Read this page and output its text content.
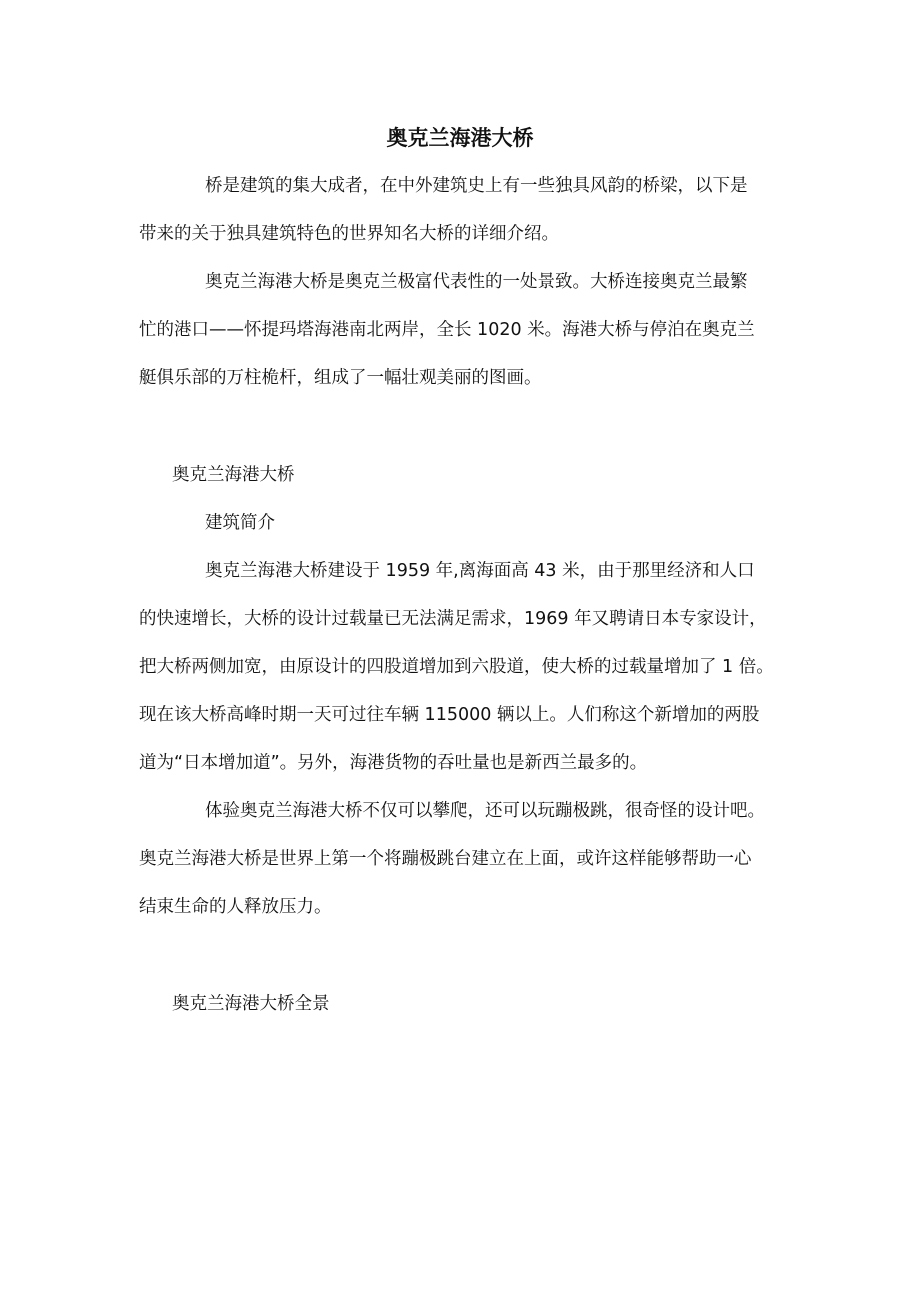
奥克兰海港大桥
桥是建筑的集大成者，在中外建筑史上有一些独具风韵的桥梁，以下是
带来的关于独具建筑特色的世界知名大桥的详细介绍。
奥克兰海港大桥是奥克兰极富代表性的一处景致。大桥连接奥克兰最繁
忙的港口——怀提玛塔海港南北两岸，全长 1020 米。海港大桥与停泊在奥克兰
艇俱乐部的万柱桅杆，组成了一幅壮观美丽的图画。
奥克兰海港大桥
建筑简介
奥克兰海港大桥建设于 1959 年,离海面高 43 米，由于那里经济和人口
的快速增长，大桥的设计过载量已无法满足需求，1969 年又聘请日本专家设计，
把大桥两侧加宽，由原设计的四股道增加到六股道，使大桥的过载量增加了 1 倍。
现在该大桥高峰时期一天可过往车辆 115000 辆以上。人们称这个新增加的两股
道为“日本增加道”。另外，海港货物的吞吐量也是新西兰最多的。
体验奥克兰海港大桥不仅可以攀爬，还可以玩蹦极跳，很奇怪的设计吧。
奥克兰海港大桥是世界上第一个将蹦极跳台建立在上面，或许这样能够帮助一心
结束生命的人释放压力。
奥克兰海港大桥全景
